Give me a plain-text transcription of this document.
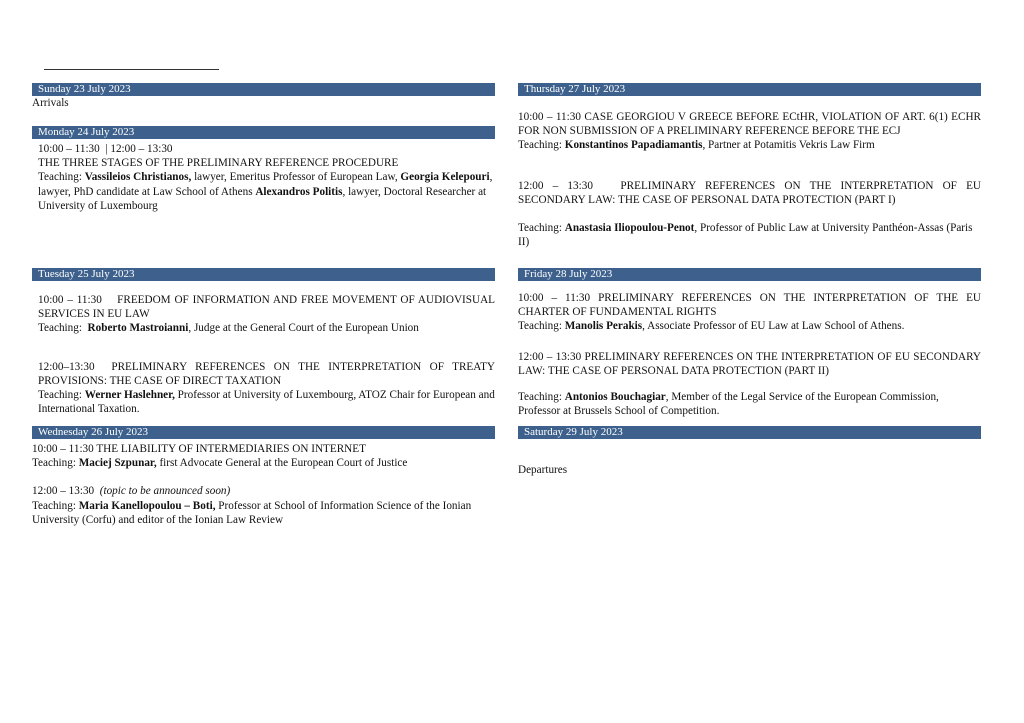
Sunday 23 July 2023

Arrivals

Monday 24 July 2023

10:00 – 11:30  | 12:00 – 13:30

THE THREE STAGES OF THE PRELIMINARY REFERENCE PROCEDURE

Teaching: Vassileios Christianos, lawyer, Emeritus Professor of European Law, Georgia Kelepouri, lawyer, PhD candidate at Law School of Athens Alexandros Politis, lawyer, Doctoral Researcher at University of Luxembourg

Tuesday 25 July 2023

10:00 – 11:30    FREEDOM OF INFORMATION AND FREE MOVEMENT OF AUDIOVISUAL SERVICES IN EU LAW

Teaching:  Roberto Mastroianni, Judge at the General Court of the European Union

12:00–13:30  PRELIMINARY REFERENCES ON THE INTERPRETATION OF TREATY PROVISIONS: THE CASE OF DIRECT TAXATION

Teaching: Werner Haslehner, Professor at University of Luxembourg, ATOZ Chair for European and International Taxation.

Wednesday 26 July 2023

10:00 – 11:30 THE LIABILITY OF INTERMEDIARIES ON INTERNET

Teaching: Maciej Szpunar, first Advocate General at the European Court of Justice

12:00 – 13:30  (topic to be announced soon)

Teaching: Maria Kanellopoulou – Boti, Professor at School of Information Science of the Ionian University (Corfu) and editor of the Ionian Law Review

Thursday 27 July 2023

10:00 – 11:30 CASE GEORGIOU V GREECE BEFORE ECtHR, VIOLATION OF ART. 6(1) ECHR FOR NON SUBMISSION OF A PRELIMINARY REFERENCE BEFORE THE ECJ

Teaching: Konstantinos Papadiamantis, Partner at Potamitis Vekris Law Firm

12:00 – 13:30   PRELIMINARY REFERENCES ON THE INTERPRETATION OF EU SECONDARY LAW: THE CASE OF PERSONAL DATA PROTECTION (PART I)

Teaching: Anastasia Iliopoulou-Penot, Professor of Public Law at University Panthéon-Assas (Paris II)

Friday 28 July 2023

10:00 – 11:30 PRELIMINARY REFERENCES ON THE INTERPRETATION OF THE EU CHARTER OF FUNDAMENTAL RIGHTS

Teaching: Manolis Perakis, Associate Professor of EU Law at Law School of Athens.

12:00 – 13:30 PRELIMINARY REFERENCES ON THE INTERPRETATION OF EU SECONDARY LAW: THE CASE OF PERSONAL DATA PROTECTION (PART II)

Teaching: Antonios Bouchagiar, Member of the Legal Service of the European Commission, Professor at Brussels School of Competition.

Saturday 29 July 2023

Departures
